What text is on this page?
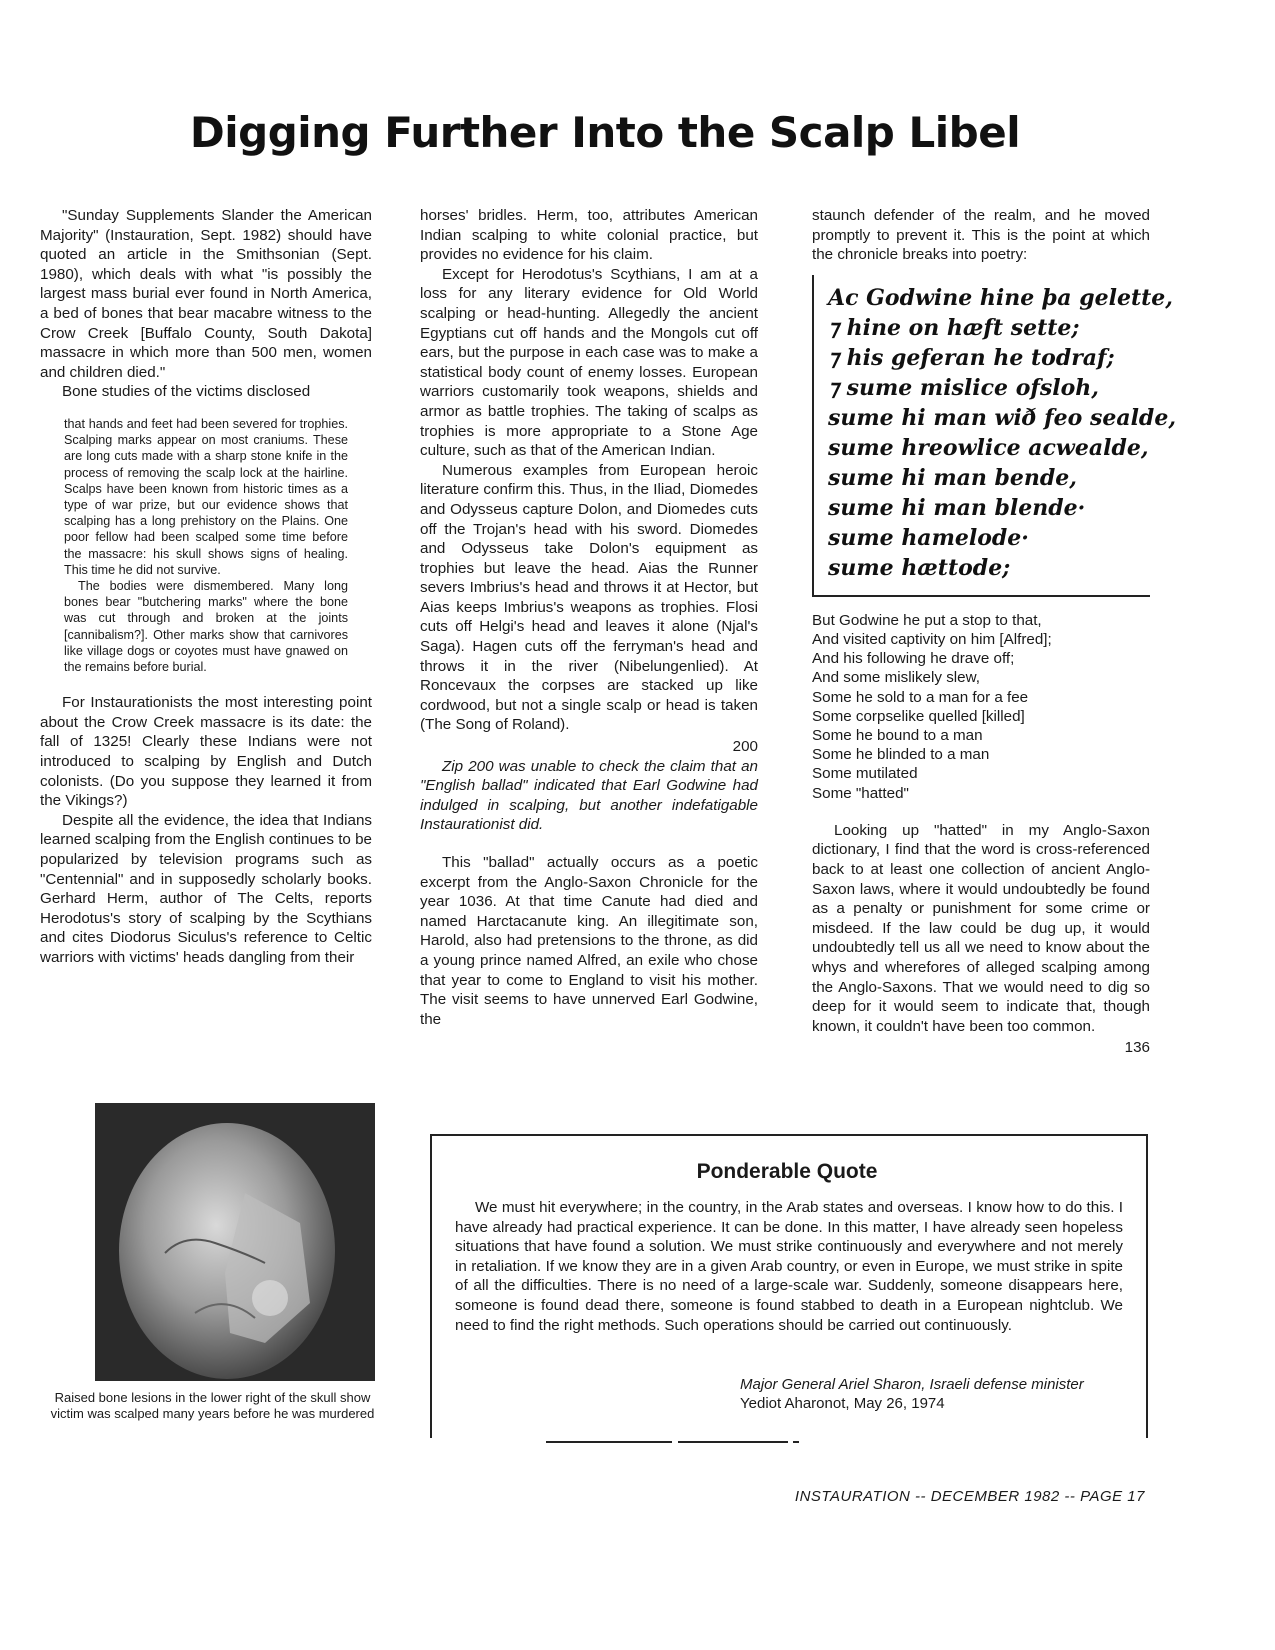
Digging Further Into the Scalp Libel

"Sunday Supplements Slander the American Majority" (Instauration, Sept. 1982) should have quoted an article in the Smithsonian (Sept. 1980), which deals with what "is possibly the largest mass burial ever found in North America, a bed of bones that bear macabre witness to the Crow Creek [Buffalo County, South Dakota] massacre in which more than 500 men, women and children died."

Bone studies of the victims disclosed

that hands and feet had been severed for trophies. Scalping marks appear on most craniums. These are long cuts made with a sharp stone knife in the process of removing the scalp lock at the hairline. Scalps have been known from historic times as a type of war prize, but our evidence shows that scalping has a long prehistory on the Plains. One poor fellow had been scalped some time before the massacre: his skull shows signs of healing. This time he did not survive.

The bodies were dismembered. Many long bones bear "butchering marks" where the bone was cut through and broken at the joints [cannibalism?]. Other marks show that carnivores like village dogs or coyotes must have gnawed on the remains before burial.

For Instaurationists the most interesting point about the Crow Creek massacre is its date: the fall of 1325! Clearly these Indians were not introduced to scalping by English and Dutch colonists. (Do you suppose they learned it from the Vikings?)

Despite all the evidence, the idea that Indians learned scalping from the English continues to be popularized by television programs such as "Centennial" and in supposedly scholarly books. Gerhard Herm, author of The Celts, reports Herodotus's story of scalping by the Scythians and cites Diodorus Siculus's reference to Celtic warriors with victims' heads dangling from their

horses' bridles. Herm, too, attributes American Indian scalping to white colonial practice, but provides no evidence for his claim.

Except for Herodotus's Scythians, I am at a loss for any literary evidence for Old World scalping or head-hunting. Allegedly the ancient Egyptians cut off hands and the Mongols cut off ears, but the purpose in each case was to make a statistical body count of enemy losses. European warriors customarily took weapons, shields and armor as battle trophies. The taking of scalps as trophies is more appropriate to a Stone Age culture, such as that of the American Indian.

Numerous examples from European heroic literature confirm this. Thus, in the Iliad, Diomedes and Odysseus capture Dolon, and Diomedes cuts off the Trojan's head with his sword. Diomedes and Odysseus take Dolon's equipment as trophies but leave the head. Aias the Runner severs Imbrius's head and throws it at Hector, but Aias keeps Imbrius's weapons as trophies. Flosi cuts off Helgi's head and leaves it alone (Njal's Saga). Hagen cuts off the ferryman's head and throws it in the river (Nibelungenlied). At Roncevaux the corpses are stacked up like cordwood, but not a single scalp or head is taken (The Song of Roland).

200

Zip 200 was unable to check the claim that an "English ballad" indicated that Earl Godwine had indulged in scalping, but another indefatigable Instaurationist did.

This "ballad" actually occurs as a poetic excerpt from the Anglo-Saxon Chronicle for the year 1036. At that time Canute had died and named Harctacanute king. An illegitimate son, Harold, also had pretensions to the throne, as did a young prince named Alfred, an exile who chose that year to come to England to visit his mother. The visit seems to have unnerved Earl Godwine, the

staunch defender of the realm, and he moved promptly to prevent it. This is the point at which the chronicle breaks into poetry:

Ac Godwine hine þa gelette,
⁊ hine on hæft sette;
⁊ his geferan he todraf;
⁊ sume mislice ofsloh,
sume hi man wið feo sealde,
sume hreowlice acwealde,
sume hi man bende,
sume hi man blende·
sume hamelode·
sume hættode;
But Godwine he put a stop to that,
And visited captivity on him [Alfred];
And his following he drave off;
And some mislikely slew,
Some he sold to a man for a fee
Some corpselike quelled [killed]
Some he bound to a man
Some he blinded to a man
Some mutilated
Some "hatted"

Looking up "hatted" in my Anglo-Saxon dictionary, I find that the word is cross-referenced back to at least one collection of ancient Anglo-Saxon laws, where it would undoubtedly be found as a penalty or punishment for some crime or misdeed. If the law could be dug up, it would undoubtedly tell us all we need to know about the whys and wherefores of alleged scalping among the Anglo-Saxons. That we would need to dig so deep for it would seem to indicate that, though known, it couldn't have been too common.

136
Raised bone lesions in the lower right of the skull show victim was scalped many years before he was murdered
Ponderable Quote

We must hit everywhere; in the country, in the Arab states and overseas. I know how to do this. I have already had practical experience. It can be done. In this matter, I have already seen hopeless situations that have found a solution. We must strike continuously and everywhere and not merely in retaliation. If we know they are in a given Arab country, or even in Europe, we must strike in spite of all the difficulties. There is no need of a large-scale war. Suddenly, someone disappears here, someone is found dead there, someone is found stabbed to death in a European nightclub. We need to find the right methods. Such operations should be carried out continuously.

Major General Ariel Sharon, Israeli defense minister
Yediot Aharonot, May 26, 1974
INSTAURATION -- DECEMBER 1982 -- PAGE 17
